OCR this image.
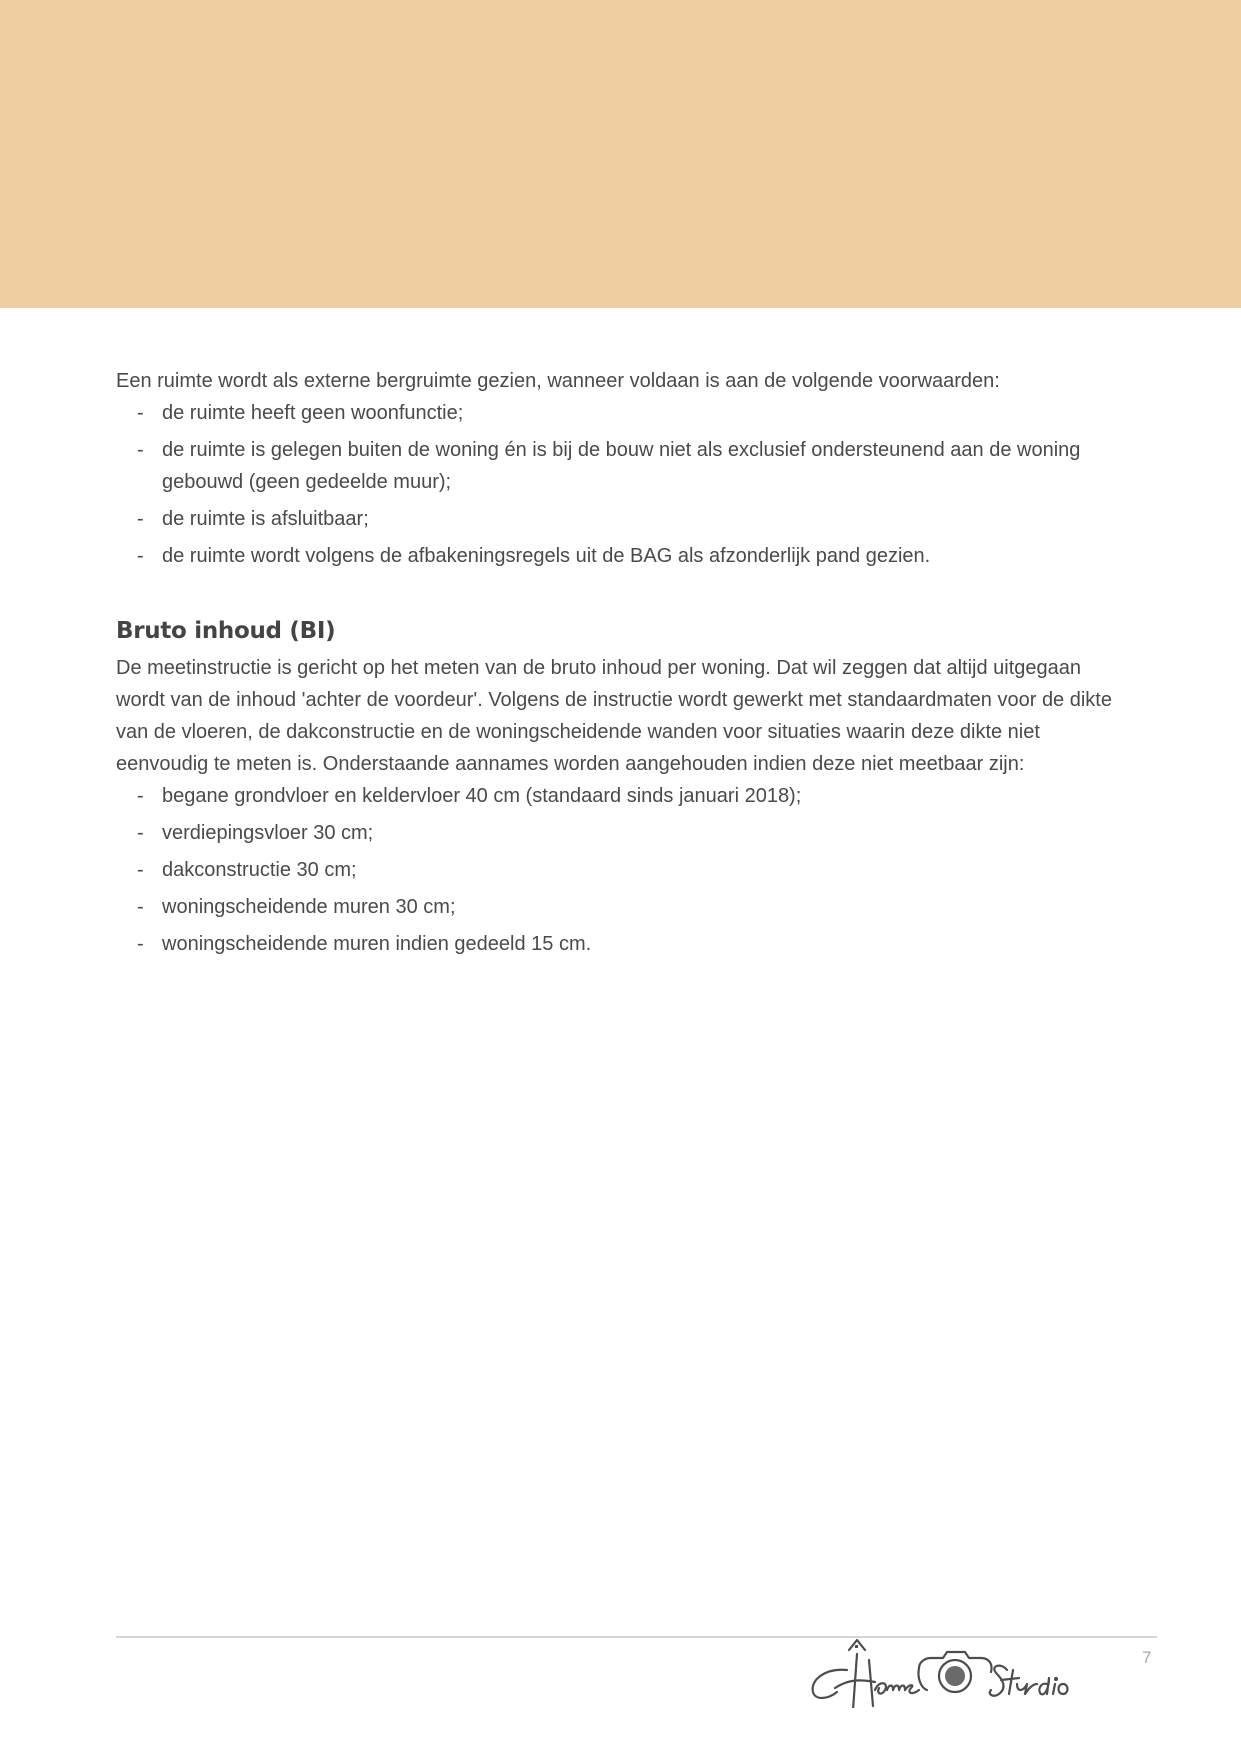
Een ruimte wordt als externe bergruimte gezien, wanneer voldaan is aan de volgende voorwaarden:

- de ruimte heeft geen woonfunctie;
- de ruimte is gelegen buiten de woning én is bij de bouw niet als exclusief ondersteunend aan de woning gebouwd (geen gedeelde muur);
- de ruimte is afsluitbaar;
- de ruimte wordt volgens de afbakeningsregels uit de BAG als afzonderlijk pand gezien.
Bruto inhoud (BI)

De meetinstructie is gericht op het meten van de bruto inhoud per woning. Dat wil zeggen dat altijd uitgegaan wordt van de inhoud 'achter de voordeur'. Volgens de instructie wordt gewerkt met standaardmaten voor de dikte van de vloeren, de dakconstructie en de woningscheidende wanden voor situaties waarin deze dikte niet eenvoudig te meten is. Onderstaande aannames worden aangehouden indien deze niet meetbaar zijn:

- begane grondvloer en keldervloer 40 cm (standaard sinds januari 2018);
- verdiepingsvloer 30 cm;
- dakconstructie 30 cm;
- woningscheidende muren 30 cm;
- woningscheidende muren indien gedeeld 15 cm.
7
